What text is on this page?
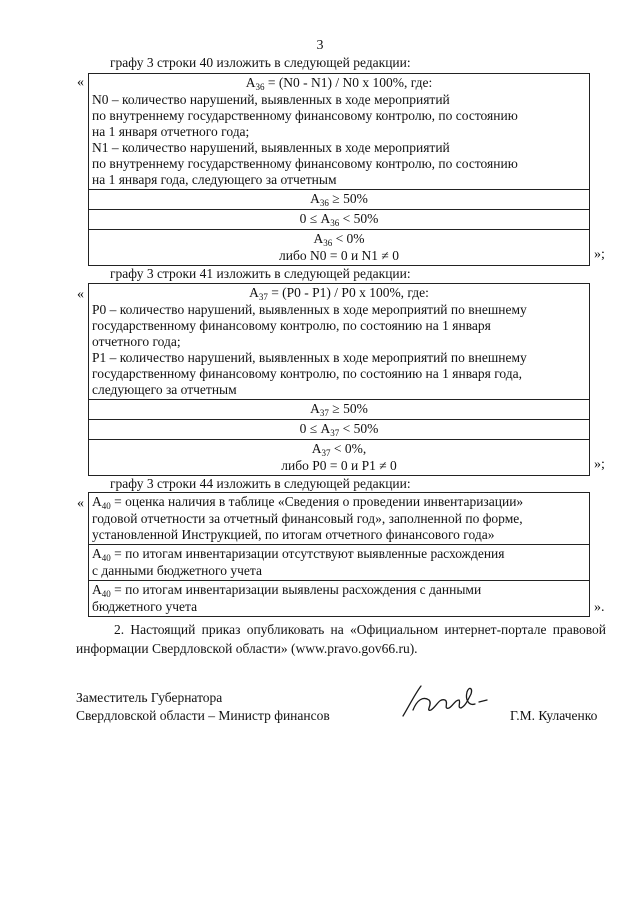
3
графу 3 строки 40 изложить в следующей редакции:
«	$А_{36} = (N0 - N1) / N0$ x 100%, где:
N0 – количество нарушений, выявленных в ходе мероприятий
по внутреннему государственному финансовому контролю, по состоянию
на 1 января отчетного года;
N1 – количество нарушений, выявленных в ходе мероприятий
по внутреннему государственному финансовому контролю, по состоянию
на 1 января года, следующего за отчетным

$А_{36} \ge 50\%$
$0 \le А_{36} < 50\%$

$А_{36} < 0\%$
либо N0 = 0 и N1 ≠ 0	»;
графу 3 строки 41 изложить в следующей редакции:
«	$А_{37} = (Р0 - Р1) / Р0$ x 100%, где:
Р0 – количество нарушений, выявленных в ходе мероприятий по внешнему
государственному финансовому контролю, по состоянию на 1 января
отчетного года;
Р1 – количество нарушений, выявленных в ходе мероприятий по внешнему
государственному финансовому контролю, по состоянию на 1 января года,
следующего за отчетным

$А_{37} \ge 50\%$
$0 \le А_{37} < 50\%$

$А_{37} < 0\%$,
либо Р0 = 0 и Р1 ≠ 0	»;
графу 3 строки 44 изложить в следующей редакции:
« $А_{40}$ = оценка наличия в таблице «Сведения о проведении инвентаризации»
годовой отчетности за отчетный финансовый год», заполненной по форме,
установленной Инструкцией, по итогам отчетного финансового года»

$А_{40}$ = по итогам инвентаризации отсутствуют выявленные расхождения
с данными бюджетного учета

$А_{40}$ = по итогам инвентаризации выявлены расхождения с данными
бюджетного учета	».
2. Настоящий приказ опубликовать на «Официальном интернет-портале правовой информации Свердловской области» (www.pravo.gov66.ru).
Заместитель Губернатора
Свердловской области – Министр финансов	Г.М. Кулаченко
